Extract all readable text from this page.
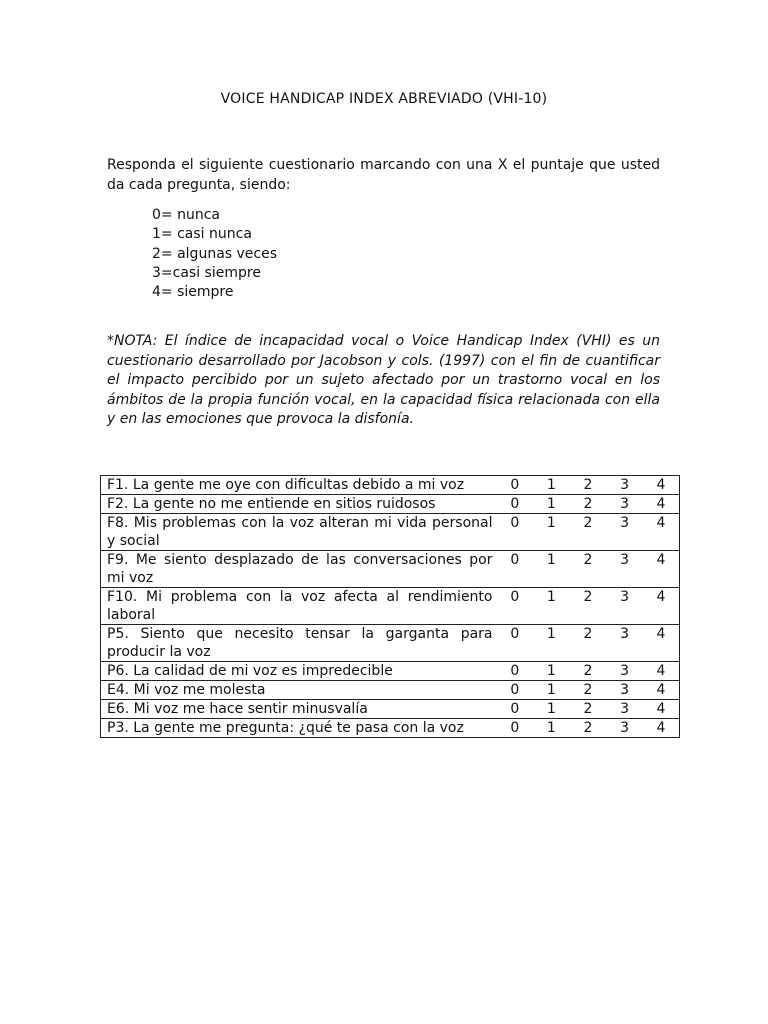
VOICE HANDICAP INDEX ABREVIADO (VHI-10)

Responda el siguiente cuestionario marcando con una X el puntaje que usted da cada pregunta, siendo:

0= nunca
1= casi nunca
2= algunas veces
3=casi siempre
4= siempre

*NOTA: El índice de incapacidad vocal o Voice Handicap Index (VHI) es un cuestionario desarrollado por Jacobson y cols. (1997) con el fin de cuantificar el impacto percibido por un sujeto afectado por un trastorno vocal en los ámbitos de la propia función vocal, en la capacidad física relacionada con ella y en las emociones que provoca la disfonía.

F1. La gente me oye con dificultas debido a mi voz	0	1	2	3	4
F2. La gente no me entiende en sitios ruidosos	0	1	2	3	4
F8. Mis problemas con la voz alteran mi vida personal y social	0	1	2	3	4
F9. Me siento desplazado de las conversaciones por mi voz	0	1	2	3	4
F10. Mi problema con la voz afecta al rendimiento laboral	0	1	2	3	4
P5. Siento que necesito tensar la garganta para producir la voz	0	1	2	3	4
P6. La calidad de mi voz es impredecible	0	1	2	3	4
E4. Mi voz me molesta	0	1	2	3	4
E6. Mi voz me hace sentir minusvalía	0	1	2	3	4
P3. La gente me pregunta: ¿qué te pasa con la voz	0	1	2	3	4
